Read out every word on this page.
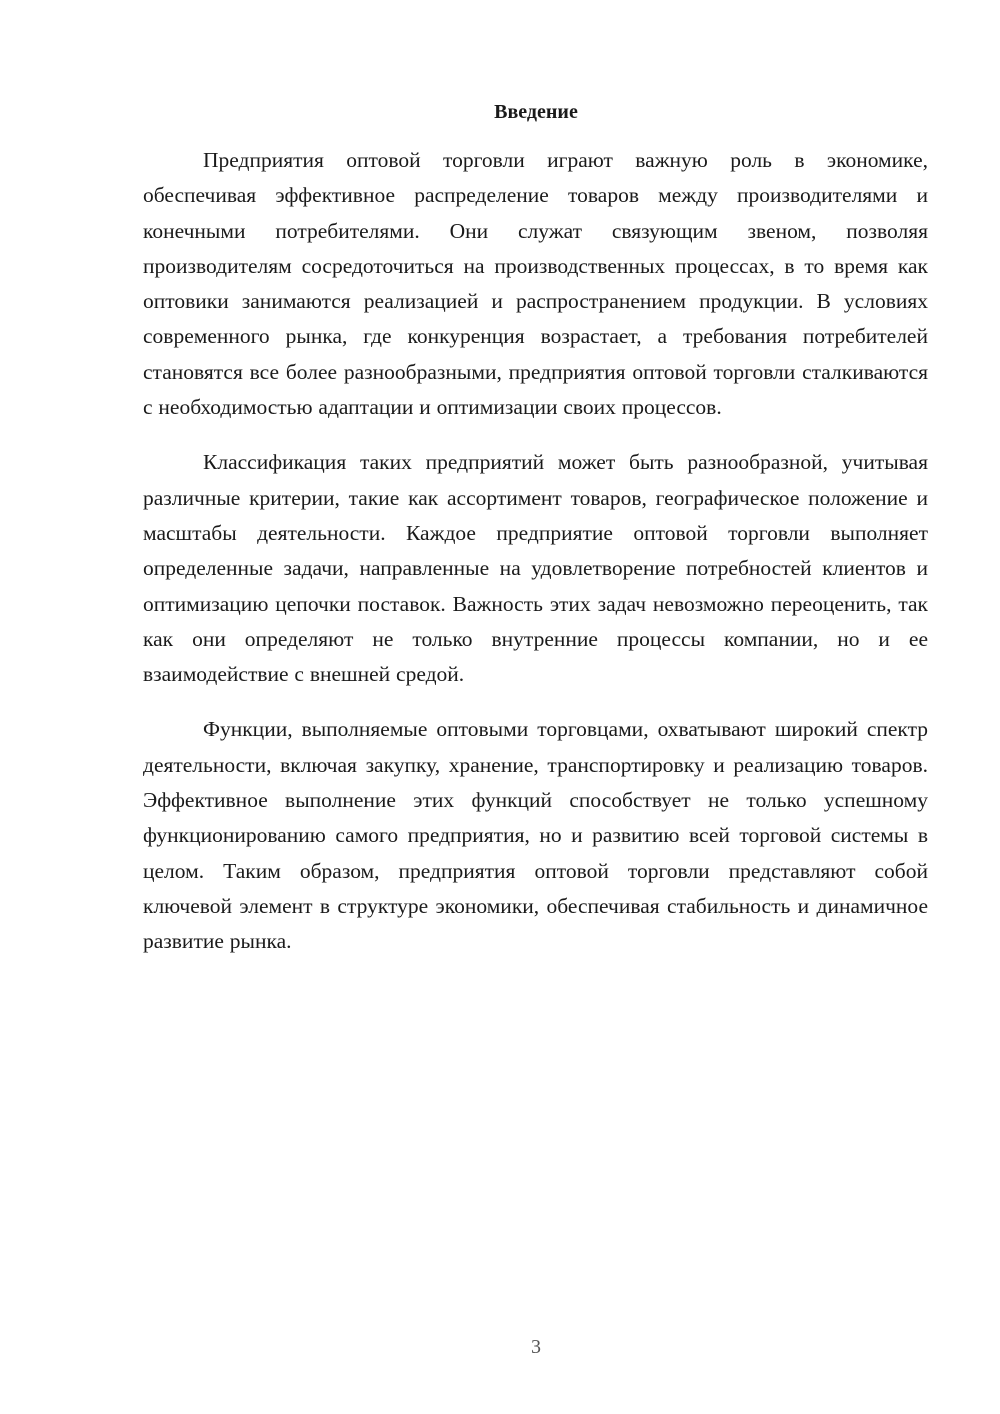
Введение

Предприятия оптовой торговли играют важную роль в экономике, обеспечивая эффективное распределение товаров между производителями и конечными потребителями. Они служат связующим звеном, позволяя производителям сосредоточиться на производственных процессах, в то время как оптовики занимаются реализацией и распространением продукции. В условиях современного рынка, где конкуренция возрастает, а требования потребителей становятся все более разнообразными, предприятия оптовой торговли сталкиваются с необходимостью адаптации и оптимизации своих процессов.

Классификация таких предприятий может быть разнообразной, учитывая различные критерии, такие как ассортимент товаров, географическое положение и масштабы деятельности. Каждое предприятие оптовой торговли выполняет определенные задачи, направленные на удовлетворение потребностей клиентов и оптимизацию цепочки поставок. Важность этих задач невозможно переоценить, так как они определяют не только внутренние процессы компании, но и ее взаимодействие с внешней средой.

Функции, выполняемые оптовыми торговцами, охватывают широкий спектр деятельности, включая закупку, хранение, транспортировку и реализацию товаров. Эффективное выполнение этих функций способствует не только успешному функционированию самого предприятия, но и развитию всей торговой системы в целом. Таким образом, предприятия оптовой торговли представляют собой ключевой элемент в структуре экономики, обеспечивая стабильность и динамичное развитие рынка.

3
